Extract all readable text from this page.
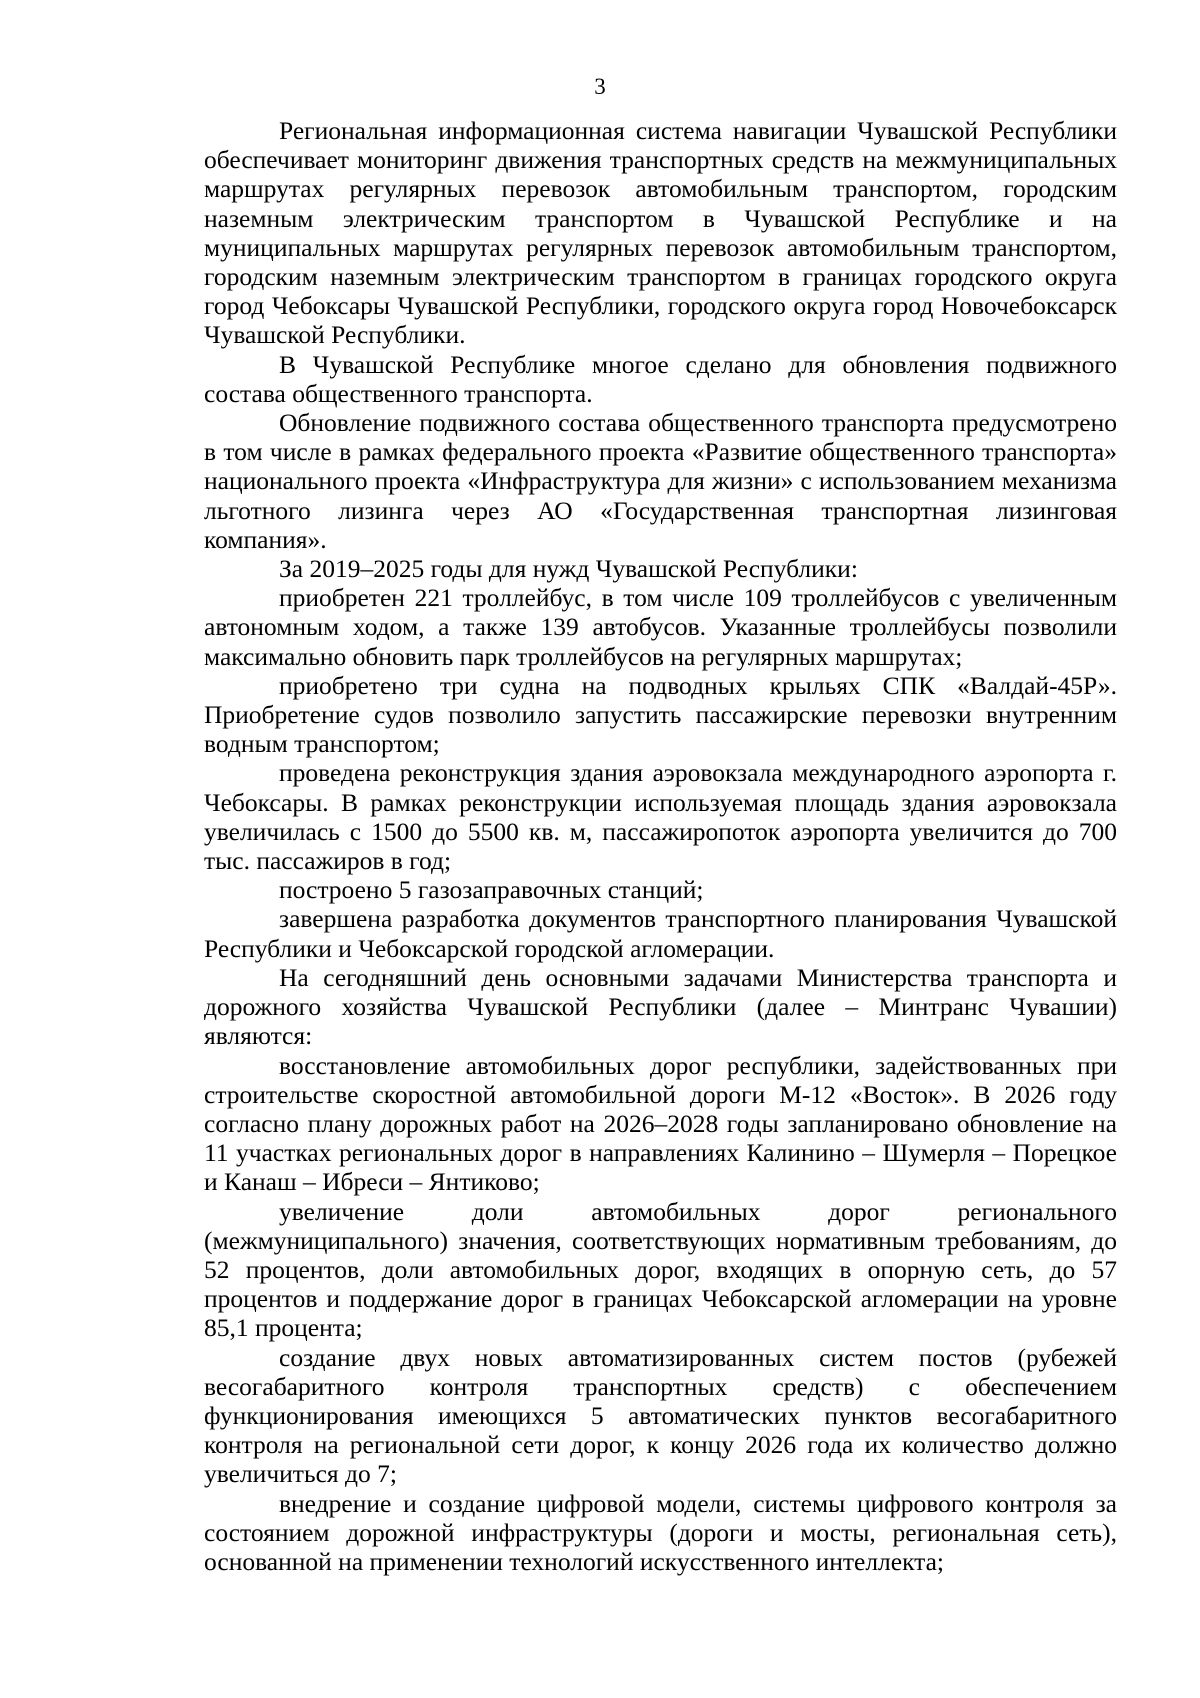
3

Региональная информационная система навигации Чувашской Республики обеспечивает мониторинг движения транспортных средств на межмуниципальных маршрутах регулярных перевозок автомобильным транспортом, городским наземным электрическим транспортом в Чувашской Республике и на муниципальных маршрутах регулярных перевозок автомобильным транспортом, городским наземным электрическим транспортом в границах городского округа город Чебоксары Чувашской Республики, городского округа город Новочебоксарск Чувашской Республики.

В Чувашской Республике многое сделано для обновления подвижного состава общественного транспорта.

Обновление подвижного состава общественного транспорта предусмотрено в том числе в рамках федерального проекта «Развитие общественного транспорта» национального проекта «Инфраструктура для жизни» с использованием механизма льготного лизинга через АО «Государственная транспортная лизинговая компания».

За 2019–2025 годы для нужд Чувашской Республики:

приобретен 221 троллейбус, в том числе 109 троллейбусов с увеличенным автономным ходом, а также 139 автобусов. Указанные троллейбусы позволили максимально обновить парк троллейбусов на регулярных маршрутах;

приобретено три судна на подводных крыльях СПК «Валдай-45Р». Приобретение судов позволило запустить пассажирские перевозки внутренним водным транспортом;

проведена реконструкция здания аэровокзала международного аэропорта г. Чебоксары. В рамках реконструкции используемая площадь здания аэровокзала увеличилась с 1500 до 5500 кв. м, пассажиропоток аэропорта увеличится до 700 тыс. пассажиров в год;

построено 5 газозаправочных станций;

завершена разработка документов транспортного планирования Чувашской Республики и Чебоксарской городской агломерации.

На сегодняшний день основными задачами Министерства транспорта и дорожного хозяйства Чувашской Республики (далее – Минтранс Чувашии) являются:

восстановление автомобильных дорог республики, задействованных при строительстве скоростной автомобильной дороги М-12 «Восток». В 2026 году согласно плану дорожных работ на 2026–2028 годы запланировано обновление на 11 участках региональных дорог в направлениях Калинино – Шумерля – Порецкое и Канаш – Ибреси – Янтиково;

увеличение доли автомобильных дорог регионального (межмуниципального) значения, соответствующих нормативным требованиям, до 52 процентов, доли автомобильных дорог, входящих в опорную сеть, до 57 процентов и поддержание дорог в границах Чебоксарской агломерации на уровне 85,1 процента;

создание двух новых автоматизированных систем постов (рубежей весогабаритного контроля транспортных средств) с обеспечением функционирования имеющихся 5 автоматических пунктов весогабаритного контроля на региональной сети дорог, к концу 2026 года их количество должно увеличиться до 7;

внедрение и создание цифровой модели, системы цифрового контроля за состоянием дорожной инфраструктуры (дороги и мосты, региональная сеть), основанной на применении технологий искусственного интеллекта;
